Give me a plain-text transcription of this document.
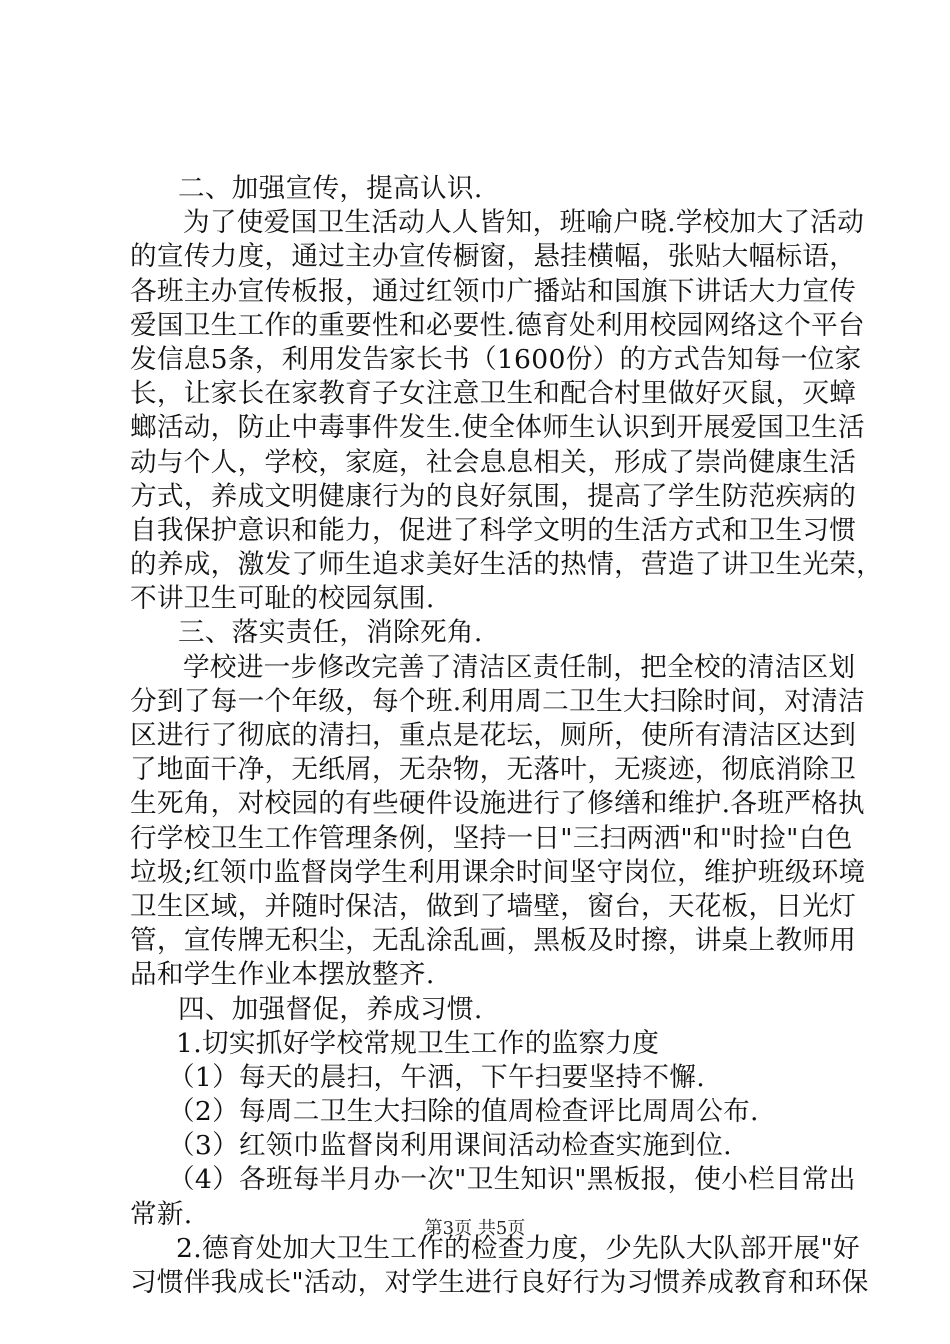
二、加强宣传，提高认识.
为了使爱国卫生活动人人皆知，班喻户晓.学校加大了活动
的宣传力度，通过主办宣传橱窗，悬挂横幅，张贴大幅标语，
各班主办宣传板报，通过红领巾广播站和国旗下讲话大力宣传
爱国卫生工作的重要性和必要性.德育处利用校园网络这个平台
发信息5条，利用发告家长书（1600份）的方式告知每一位家
长，让家长在家教育子女注意卫生和配合村里做好灭鼠，灭蟑
螂活动，防止中毒事件发生.使全体师生认识到开展爱国卫生活
动与个人，学校，家庭，社会息息相关，形成了崇尚健康生活
方式，养成文明健康行为的良好氛围，提高了学生防范疾病的
自我保护意识和能力，促进了科学文明的生活方式和卫生习惯
的养成，激发了师生追求美好生活的热情，营造了讲卫生光荣，
不讲卫生可耻的校园氛围.
三、落实责任，消除死角.
学校进一步修改完善了清洁区责任制，把全校的清洁区划
分到了每一个年级，每个班.利用周二卫生大扫除时间，对清洁
区进行了彻底的清扫，重点是花坛，厕所，使所有清洁区达到
了地面干净，无纸屑，无杂物，无落叶，无痰迹，彻底消除卫
生死角，对校园的有些硬件设施进行了修缮和维护.各班严格执
行学校卫生工作管理条例，坚持一日"三扫两洒"和"时捡"白色
垃圾;红领巾监督岗学生利用课余时间坚守岗位，维护班级环境
卫生区域，并随时保洁，做到了墙壁，窗台，天花板，日光灯
管，宣传牌无积尘，无乱涂乱画，黑板及时擦，讲桌上教师用
品和学生作业本摆放整齐.
四、加强督促，养成习惯.
1.切实抓好学校常规卫生工作的监察力度
（1）每天的晨扫，午洒，下午扫要坚持不懈.
（2）每周二卫生大扫除的值周检查评比周周公布.
（3）红领巾监督岗利用课间活动检查实施到位.
（4）各班每半月办一次"卫生知识"黑板报，使小栏目常出
常新.
2.德育处加大卫生工作的检查力度，少先队大队部开展"好
习惯伴我成长"活动，对学生进行良好行为习惯养成教育和环保
第3页 共5页
